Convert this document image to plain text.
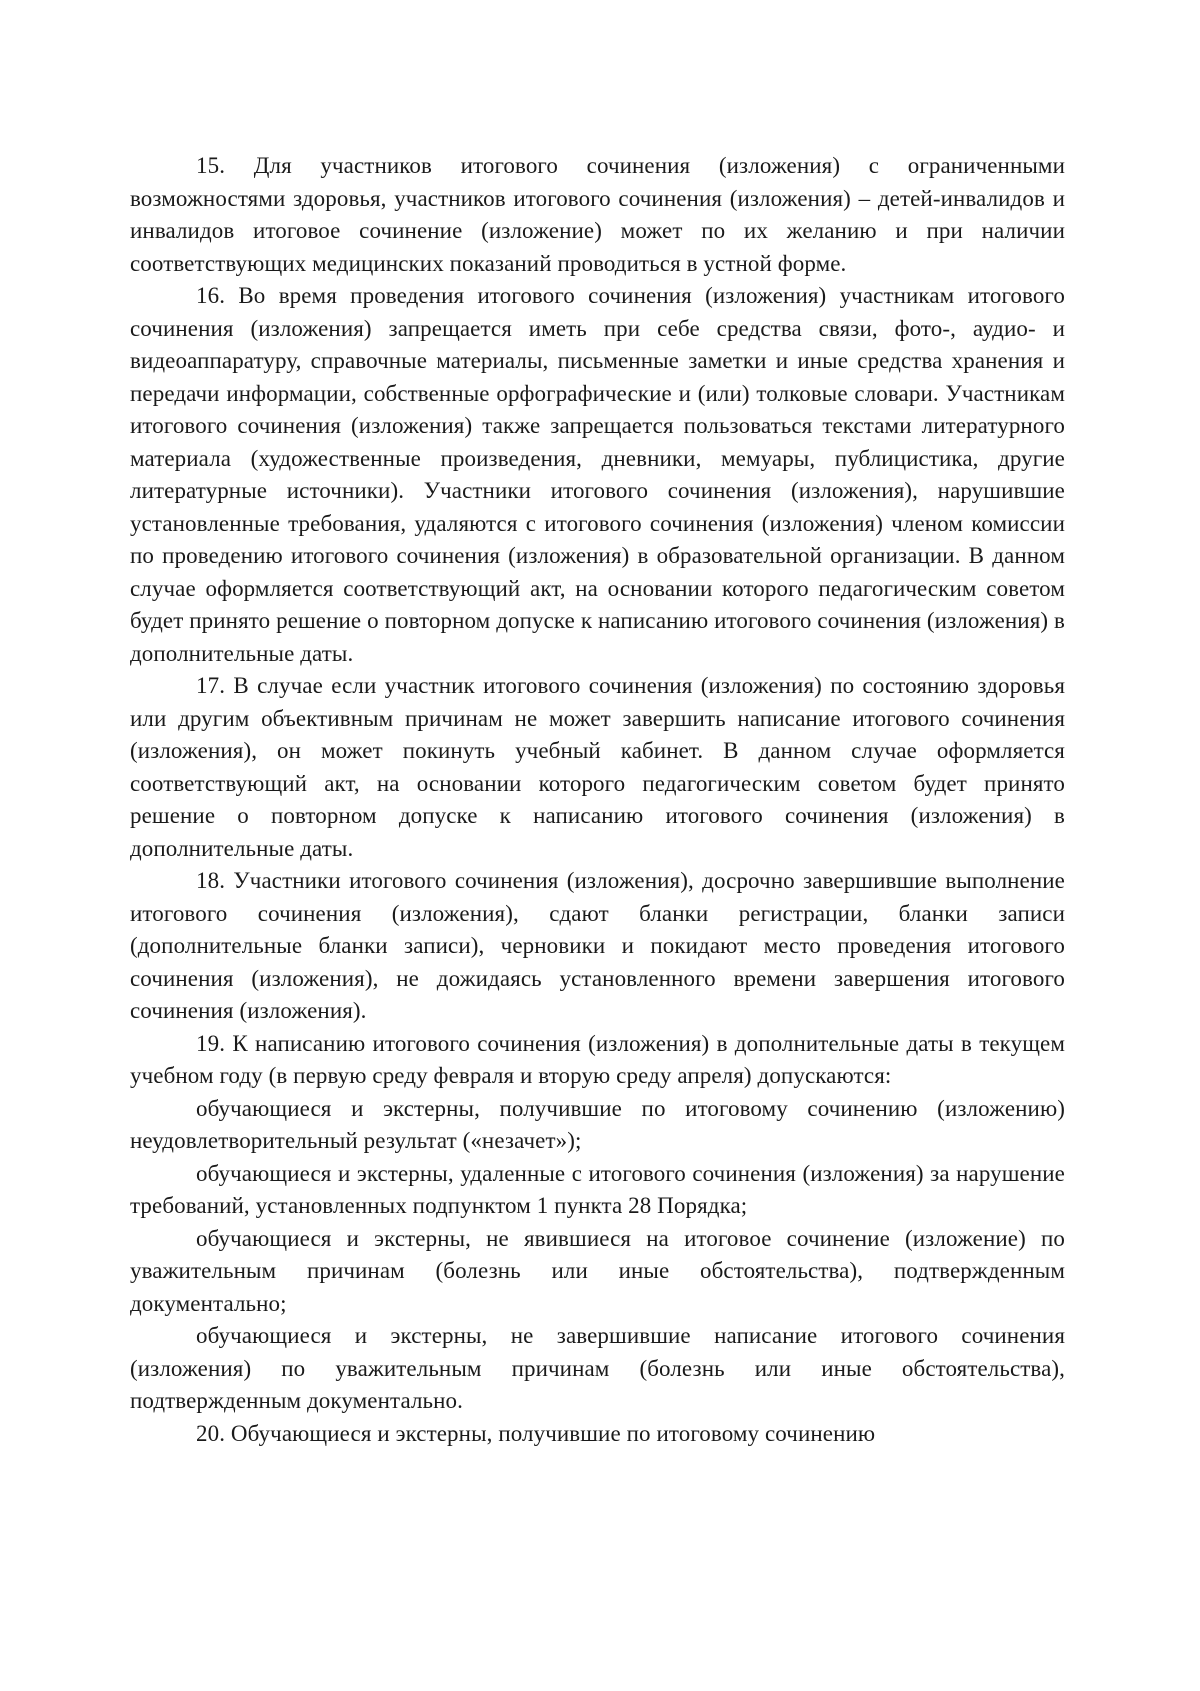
15. Для участников итогового сочинения (изложения) с ограниченными возможностями здоровья, участников итогового сочинения (изложения) – детей-инвалидов и инвалидов итоговое сочинение (изложение) может по их желанию и при наличии соответствующих медицинских показаний проводиться в устной форме.

16. Во время проведения итогового сочинения (изложения) участникам итогового сочинения (изложения) запрещается иметь при себе средства связи, фото-, аудио- и видеоаппаратуру, справочные материалы, письменные заметки и иные средства хранения и передачи информации, собственные орфографические и (или) толковые словари. Участникам итогового сочинения (изложения) также запрещается пользоваться текстами литературного материала (художественные произведения, дневники, мемуары, публицистика, другие литературные источники). Участники итогового сочинения (изложения), нарушившие установленные требования, удаляются с итогового сочинения (изложения) членом комиссии по проведению итогового сочинения (изложения) в образовательной организации. В данном случае оформляется соответствующий акт, на основании которого педагогическим советом будет принято решение о повторном допуске к написанию итогового сочинения (изложения) в дополнительные даты.

17. В случае если участник итогового сочинения (изложения) по состоянию здоровья или другим объективным причинам не может завершить написание итогового сочинения (изложения), он может покинуть учебный кабинет. В данном случае оформляется соответствующий акт, на основании которого педагогическим советом будет принято решение о повторном допуске к написанию итогового сочинения (изложения) в дополнительные даты.

18. Участники итогового сочинения (изложения), досрочно завершившие выполнение итогового сочинения (изложения), сдают бланки регистрации, бланки записи (дополнительные бланки записи), черновики и покидают место проведения итогового сочинения (изложения), не дожидаясь установленного времени завершения итогового сочинения (изложения).

19. К написанию итогового сочинения (изложения) в дополнительные даты в текущем учебном году (в первую среду февраля и вторую среду апреля) допускаются:

обучающиеся и экстерны, получившие по итоговому сочинению (изложению) неудовлетворительный результат («незачет»);

обучающиеся и экстерны, удаленные с итогового сочинения (изложения) за нарушение требований, установленных подпунктом 1 пункта 28 Порядка;

обучающиеся и экстерны, не явившиеся на итоговое сочинение (изложение) по уважительным причинам (болезнь или иные обстоятельства), подтвержденным документально;

обучающиеся и экстерны, не завершившие написание итогового сочинения (изложения) по уважительным причинам (болезнь или иные обстоятельства), подтвержденным документально.

20. Обучающиеся и экстерны, получившие по итоговому сочинению
